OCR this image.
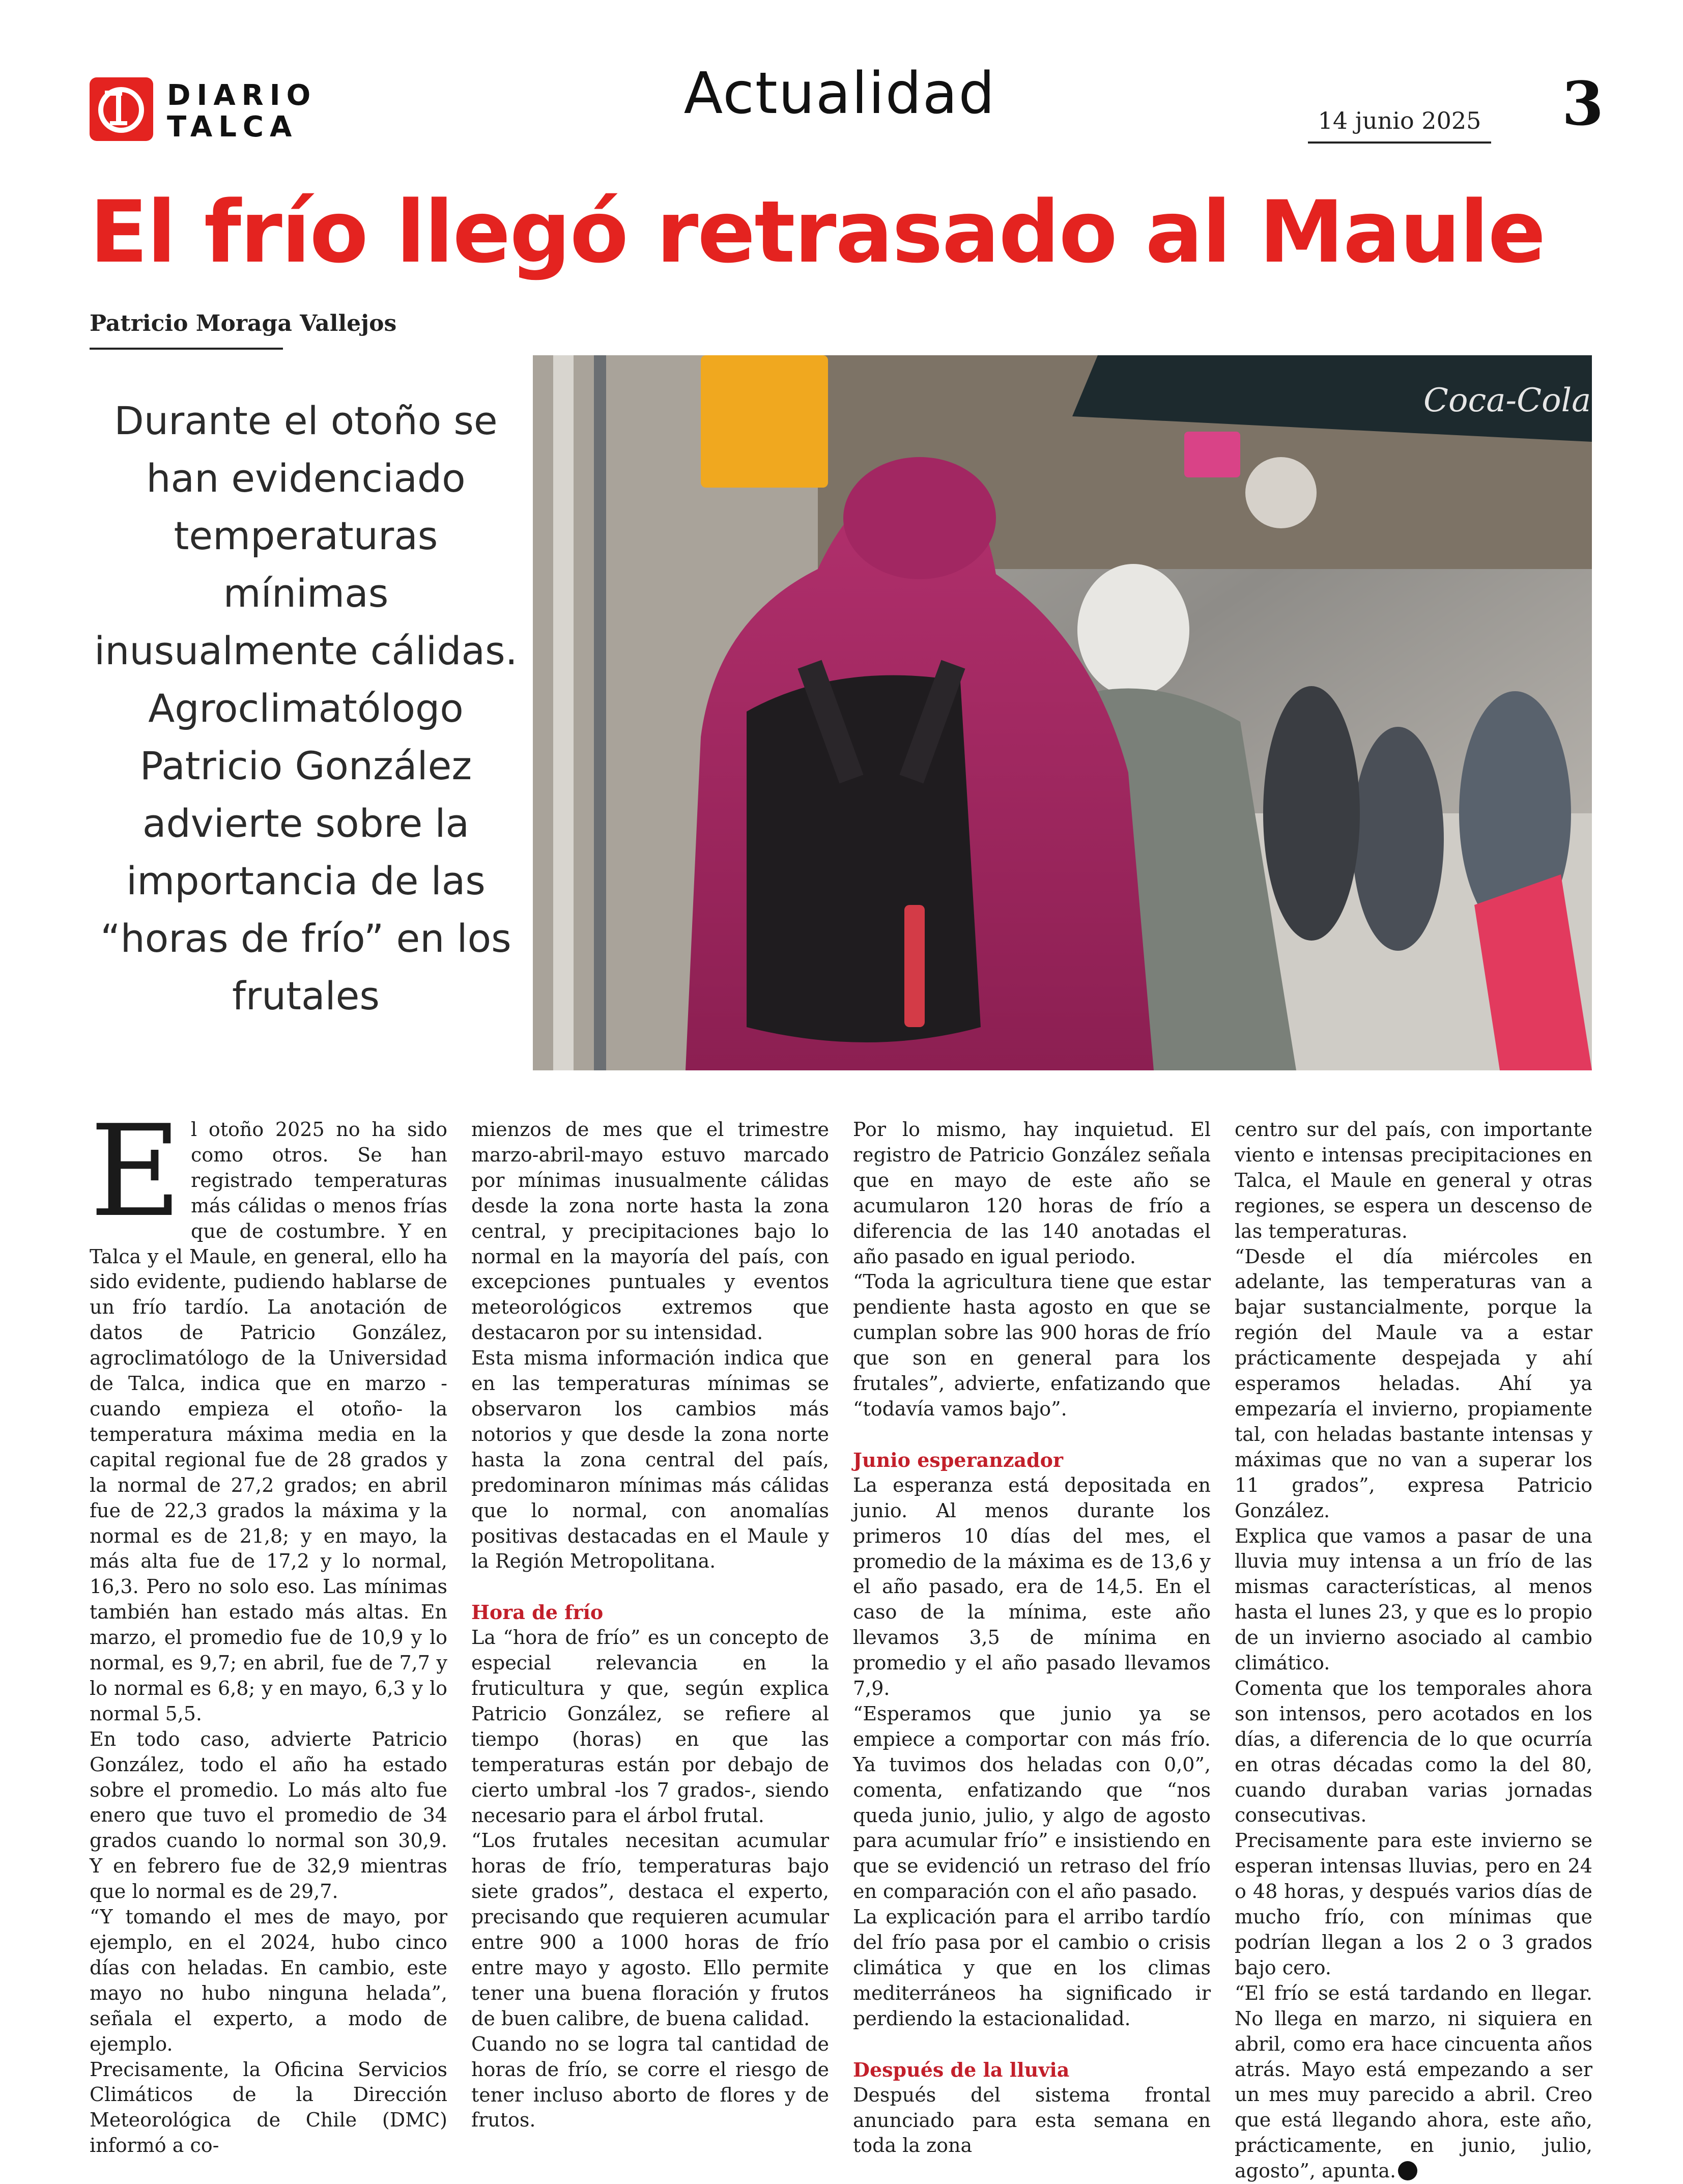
DIARIO
TALCA
Actualidad	14 junio 2025 3
El frío llegó retrasado al Maule
Patricio Moraga Vallejos
Durante el otoño se han evidenciado temperaturas mínimas inusualmente cálidas. Agroclimatólogo Patricio González advierte sobre la importancia de las “horas de frío” en los frutales
Coca-Cola

El otoño 2025 no ha sido como otros. Se han registrado temperaturas más cálidas o menos frías que de costumbre. Y en Talca y el Maule, en general, ello ha sido evidente, pudiendo hablarse de un frío tardío. La anotación de datos de Patricio González, agroclimatólogo de la Universidad de Talca, indica que en marzo -cuando empieza el otoño- la temperatura máxima media en la capital regional fue de 28 grados y la normal de 27,2 grados; en abril fue de 22,3 grados la máxima y la normal es de 21,8; y en mayo, la más alta fue de 17,2 y lo normal, 16,3. Pero no solo eso. Las mínimas también han estado más altas. En marzo, el promedio fue de 10,9 y lo normal, es 9,7; en abril, fue de 7,7 y lo normal es 6,8; y en mayo, 6,3 y lo normal 5,5.

En todo caso, advierte Patricio González, todo el año ha estado sobre el promedio. Lo más alto fue enero que tuvo el promedio de 34 grados cuando lo normal son 30,9. Y en febrero fue de 32,9 mientras que lo normal es de 29,7.

“Y tomando el mes de mayo, por ejemplo, en el 2024, hubo cinco días con heladas. En cambio, este mayo no hubo ninguna helada”, señala el experto, a modo de ejemplo.

Precisamente, la Oficina Servicios Climáticos de la Dirección Meteorológica de Chile (DMC) informó a co-

mienzos de mes que el trimestre marzo-abril-mayo estuvo marcado por mínimas inusualmente cálidas desde la zona norte hasta la zona central, y precipitaciones bajo lo normal en la mayoría del país, con excepciones puntuales y eventos meteorológicos extremos que destacaron por su intensidad.

Esta misma información indica que en las temperaturas mínimas se observaron los cambios más notorios y que desde la zona norte hasta la zona central del país, predominaron mínimas más cálidas que lo normal, con anomalías positivas destacadas en el Maule y la Región Metropolitana.

Hora de frío

La “hora de frío” es un concepto de especial relevancia en la fruticultura y que, según explica Patricio González, se refiere al tiempo (horas) en que las temperaturas están por debajo de cierto umbral -los 7 grados-, siendo necesario para el árbol frutal.

“Los frutales necesitan acumular horas de frío, temperaturas bajo siete grados”, destaca el experto, precisando que requieren acumular entre 900 a 1000 horas de frío entre mayo y agosto. Ello permite tener una buena floración y frutos de buen calibre, de buena calidad.

Cuando no se logra tal cantidad de horas de frío, se corre el riesgo de tener incluso aborto de flores y de frutos.

Por lo mismo, hay inquietud. El registro de Patricio González señala que en mayo de este año se acumularon 120 horas de frío a diferencia de las 140 anotadas el año pasado en igual periodo.

“Toda la agricultura tiene que estar pendiente hasta agosto en que se cumplan sobre las 900 horas de frío que son en general para los frutales”, advierte, enfatizando que “todavía vamos bajo”.

Junio esperanzador

La esperanza está depositada en junio. Al menos durante los primeros 10 días del mes, el promedio de la máxima es de 13,6 y el año pasado, era de 14,5. En el caso de la mínima, este año llevamos 3,5 de mínima en promedio y el año pasado llevamos 7,9.

“Esperamos que junio ya se empiece a comportar con más frío. Ya tuvimos dos heladas con 0,0”, comenta, enfatizando que “nos queda junio, julio, y algo de agosto para acumular frío” e insistiendo en que se evidenció un retraso del frío en comparación con el año pasado.

La explicación para el arribo tardío del frío pasa por el cambio o crisis climática y que en los climas mediterráneos ha significado ir perdiendo la estacionalidad.

Después de la lluvia

Después del sistema frontal anunciado para esta semana en toda la zona

centro sur del país, con importante viento e intensas precipitaciones en Talca, el Maule en general y otras regiones, se espera un descenso de las temperaturas.

“Desde el día miércoles en adelante, las temperaturas van a bajar sustancialmente, porque la región del Maule va a estar prácticamente despejada y ahí esperamos heladas. Ahí ya empezaría el invierno, propiamente tal, con heladas bastante intensas y máximas que no van a superar los 11 grados”, expresa Patricio González.

Explica que vamos a pasar de una lluvia muy intensa a un frío de las mismas características, al menos hasta el lunes 23, y que es lo propio de un invierno asociado al cambio climático.

Comenta que los temporales ahora son intensos, pero acotados en los días, a diferencia de lo que ocurría en otras décadas como la del 80, cuando duraban varias jornadas consecutivas.

Precisamente para este invierno se esperan intensas lluvias, pero en 24 o 48 horas, y después varios días de mucho frío, con mínimas que podrían llegan a los 2 o 3 grados bajo cero.

“El frío se está tardando en llegar. No llega en marzo, ni siquiera en abril, como era hace cincuenta años atrás. Mayo está empezando a ser un mes muy parecido a abril. Creo que está llegando ahora, este año, prácticamente, en junio, julio, agosto”, apunta.
